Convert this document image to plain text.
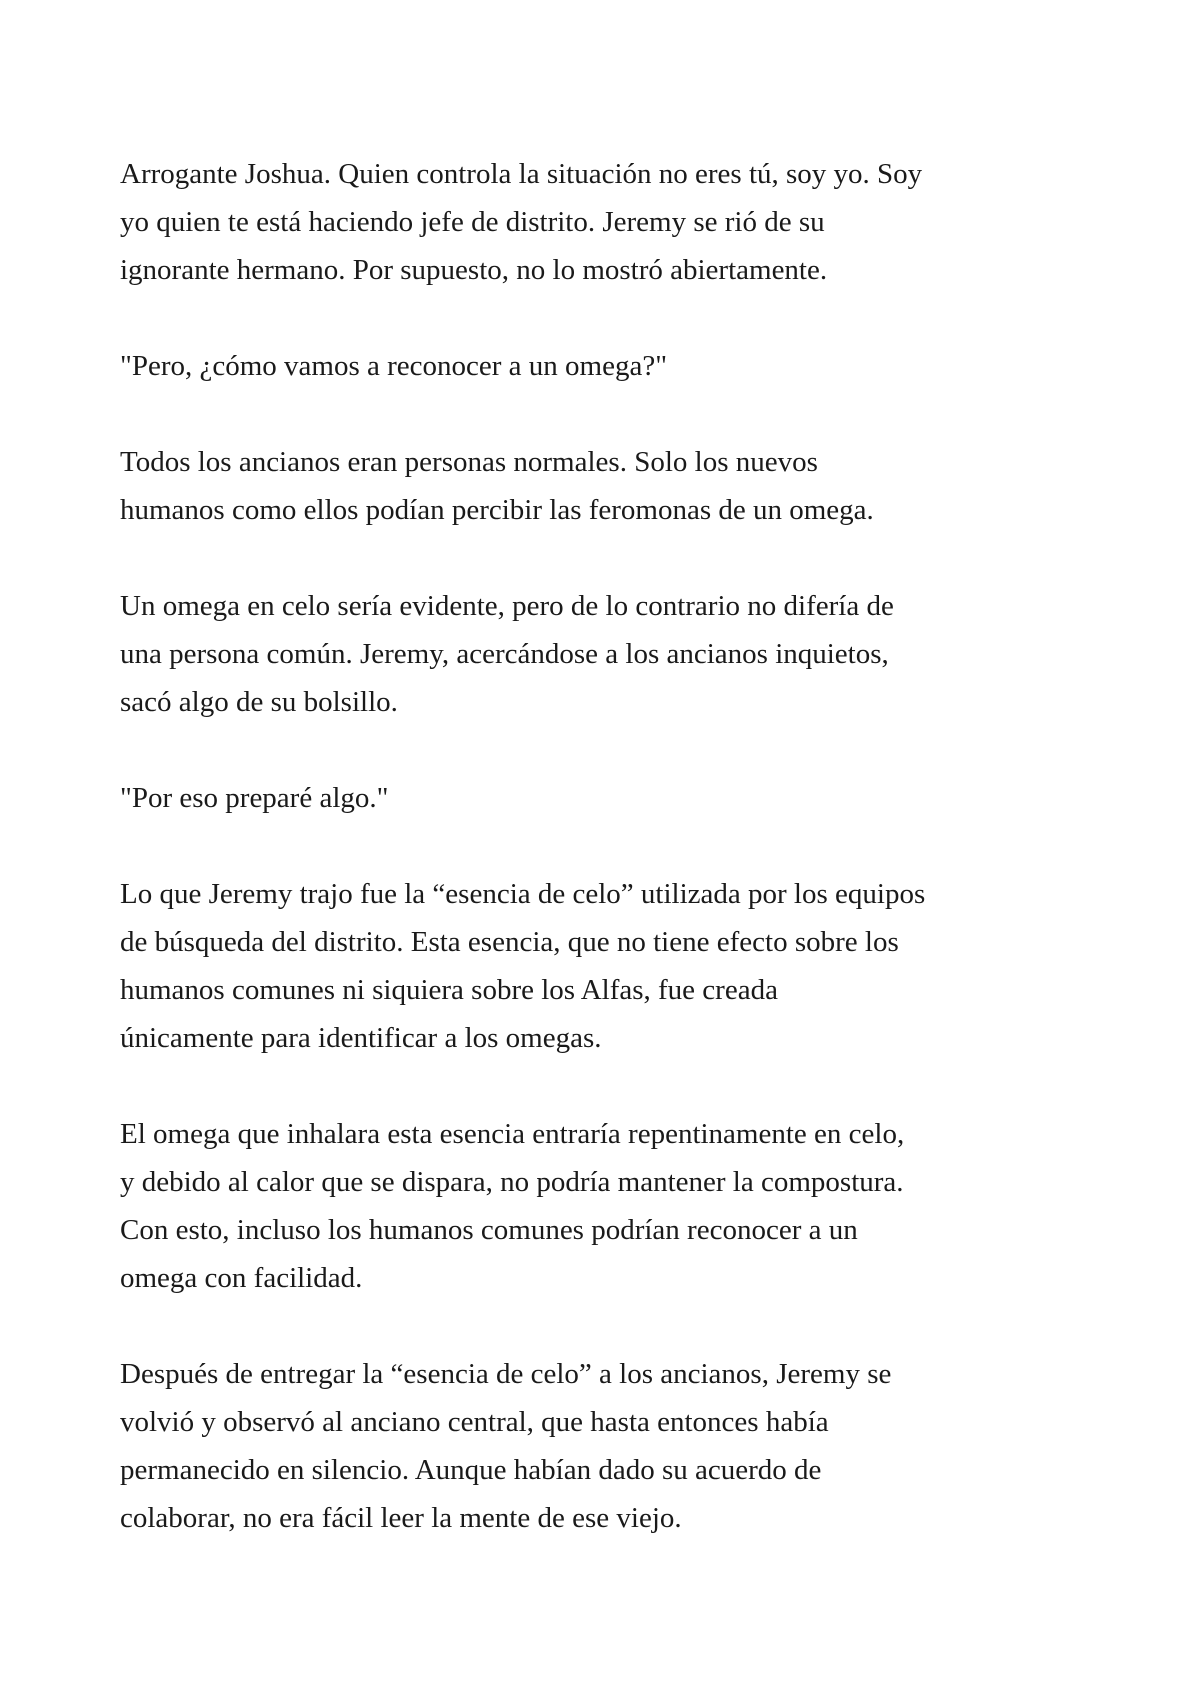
Arrogante Joshua. Quien controla la situación no eres tú, soy yo. Soy
yo quien te está haciendo jefe de distrito. Jeremy se rió de su
ignorante hermano. Por supuesto, no lo mostró abiertamente.

"Pero, ¿cómo vamos a reconocer a un omega?"

Todos los ancianos eran personas normales. Solo los nuevos
humanos como ellos podían percibir las feromonas de un omega.

Un omega en celo sería evidente, pero de lo contrario no difería de
una persona común. Jeremy, acercándose a los ancianos inquietos,
sacó algo de su bolsillo.

"Por eso preparé algo."

Lo que Jeremy trajo fue la “esencia de celo” utilizada por los equipos
de búsqueda del distrito. Esta esencia, que no tiene efecto sobre los
humanos comunes ni siquiera sobre los Alfas, fue creada
únicamente para identificar a los omegas.

El omega que inhalara esta esencia entraría repentinamente en celo,
y debido al calor que se dispara, no podría mantener la compostura.
Con esto, incluso los humanos comunes podrían reconocer a un
omega con facilidad.

Después de entregar la “esencia de celo” a los ancianos, Jeremy se
volvió y observó al anciano central, que hasta entonces había
permanecido en silencio. Aunque habían dado su acuerdo de
colaborar, no era fácil leer la mente de ese viejo.
